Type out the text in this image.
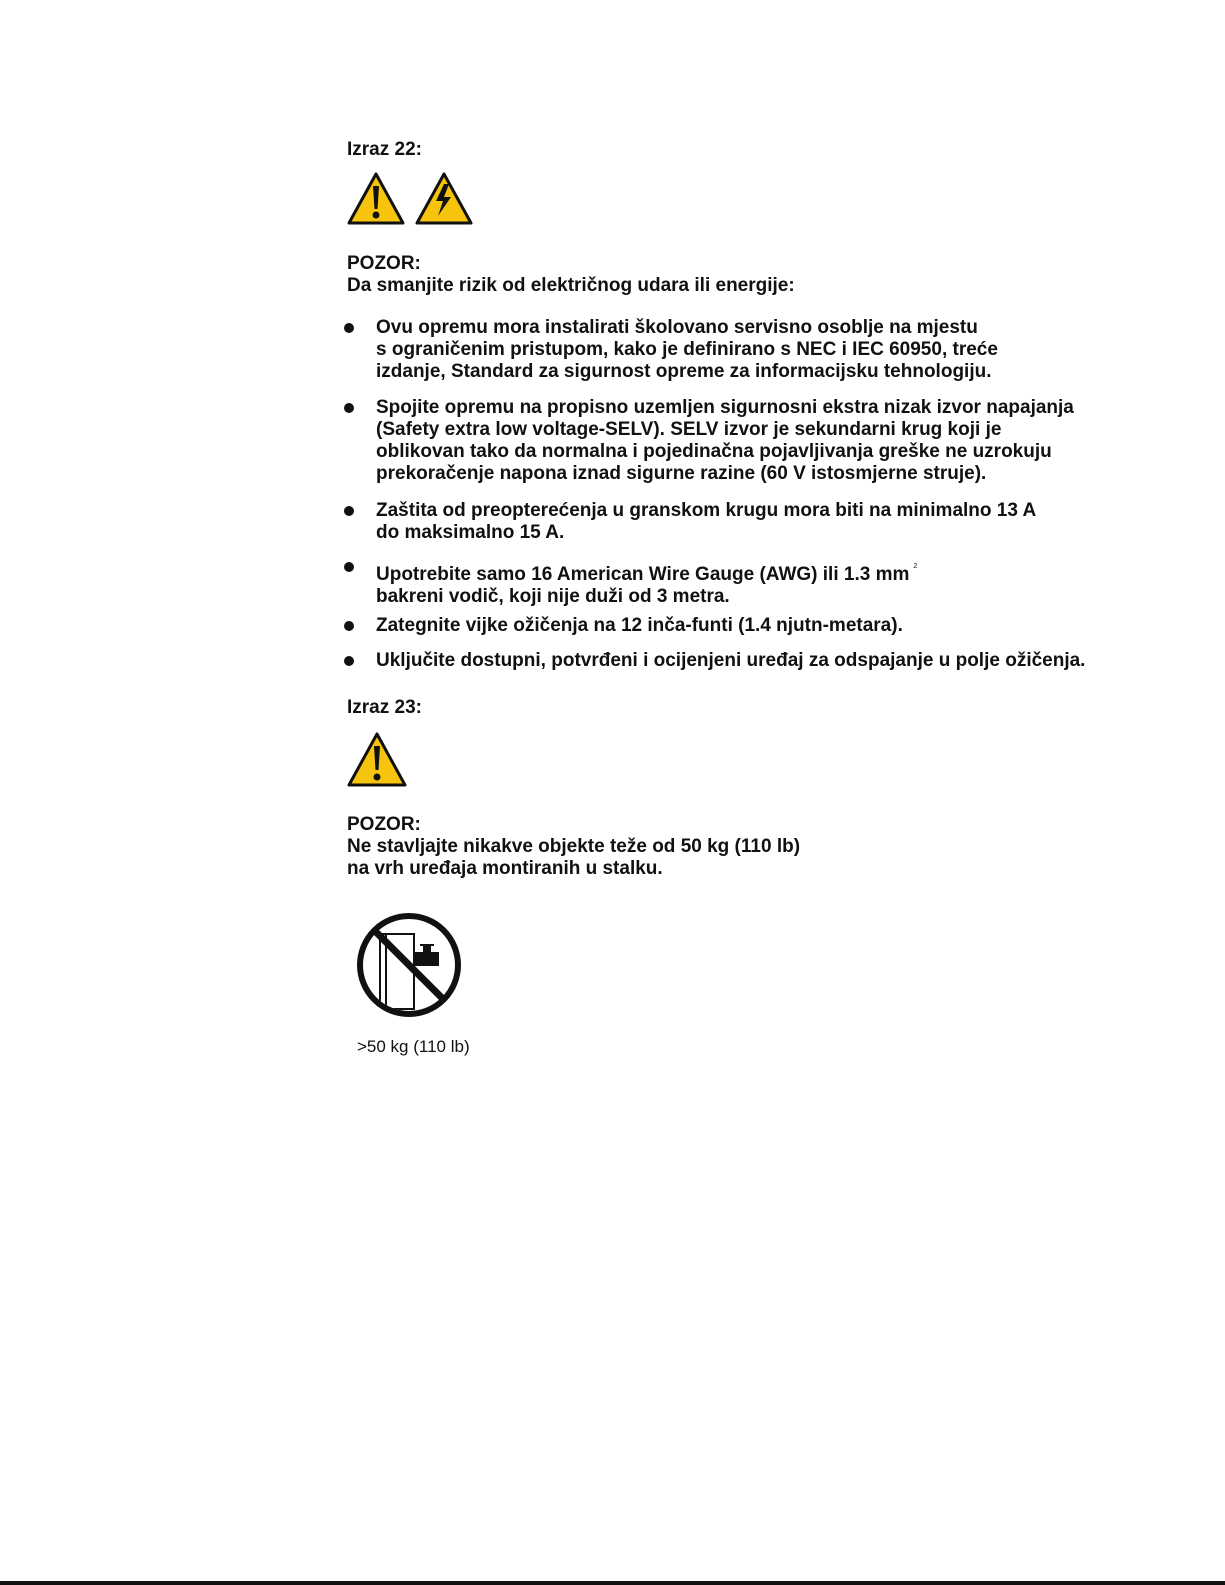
Izraz 22:
POZOR:
Da smanjite rizik od električnog udara ili energije:
Ovu opremu mora instalirati školovano servisno osoblje na mjestu
s ograničenim pristupom, kako je definirano s NEC i IEC 60950, treće
izdanje, Standard za sigurnost opreme za informacijsku tehnologiju.
Spojite opremu na propisno uzemljen sigurnosni ekstra nizak izvor napajanja
(Safety extra low voltage-SELV). SELV izvor je sekundarni krug koji je
oblikovan tako da normalna i pojedinačna pojavljivanja greške ne uzrokuju
prekoračenje napona iznad sigurne razine (60 V istosmjerne struje).
Zaštita od preopterećenja u granskom krugu mora biti na minimalno 13 A
do maksimalno 15 A.
Upotrebite samo 16 American Wire Gauge (AWG) ili 1.3 mm $^2$
bakreni vodič, koji nije duži od 3 metra.
Zategnite vijke ožičenja na 12 inča-funti (1.4 njutn-metara).
Uključite dostupni, potvrđeni i ocijenjeni uređaj za odspajanje u polje ožičenja.
Izraz 23:
POZOR:
Ne stavljajte nikakve objekte teže od 50 kg (110 lb)
na vrh uređaja montiranih u stalku.
>50 kg (110 lb)
